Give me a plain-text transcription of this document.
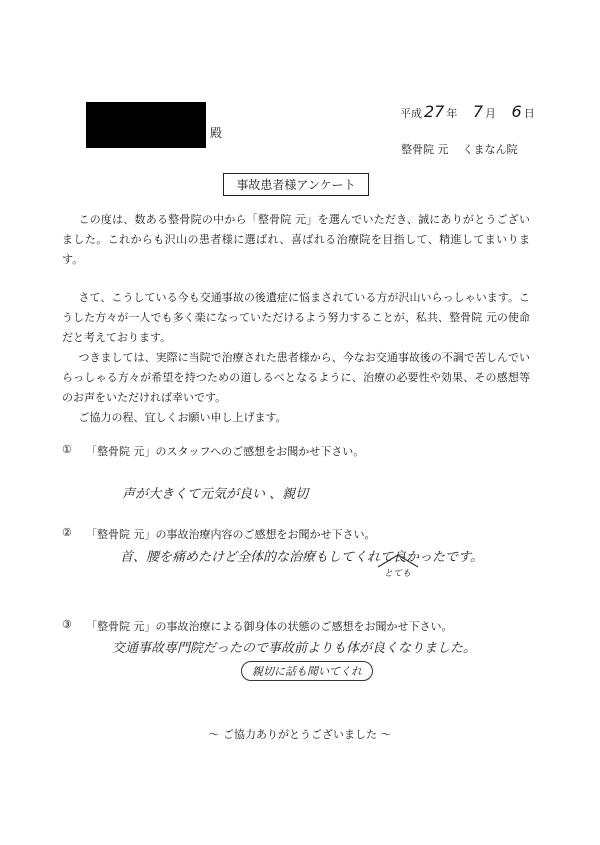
殿
平成 27 年 7 月 6 日
整骨院 元 くまなん院
事故患者様アンケート
この度は、数ある整骨院の中から「整骨院 元」を選んでいただき、誠にありがとうございました。これからも沢山の患者様に選ばれ、喜ばれる治療院を目指して、精進してまいります。
さて、こうしている今も交通事故の後遺症に悩まされている方が沢山いらっしゃいます。こうした方々が一人でも多く楽になっていただけるよう努力することが、私共、整骨院 元の使命だと考えております。
つきましては、実際に当院で治療された患者様から、今なお交通事故後の不調で苦しんでいらっしゃる方々が希望を持つための道しるべとなるように、治療の必要性や効果、その感想等のお声をいただければ幸いです。
ご協力の程、宜しくお願い申し上げます。
① 「整骨院 元」のスタッフへのご感想をお聞かせ下さい。
声が大きくて元気が良い 、親切
② 「整骨院 元」の事故治療内容のご感想をお聞かせ下さい。
首、腰を痛めたけど全体的な治療もしてくれて良かったです。
とても
③ 「整骨院 元」の事故治療による御身体の状態のご感想をお聞かせ下さい。
交通事故専門院だったので事故前よりも体が良くなりました。
親切に話も聞いてくれ
～ ご協力ありがとうございました ～
